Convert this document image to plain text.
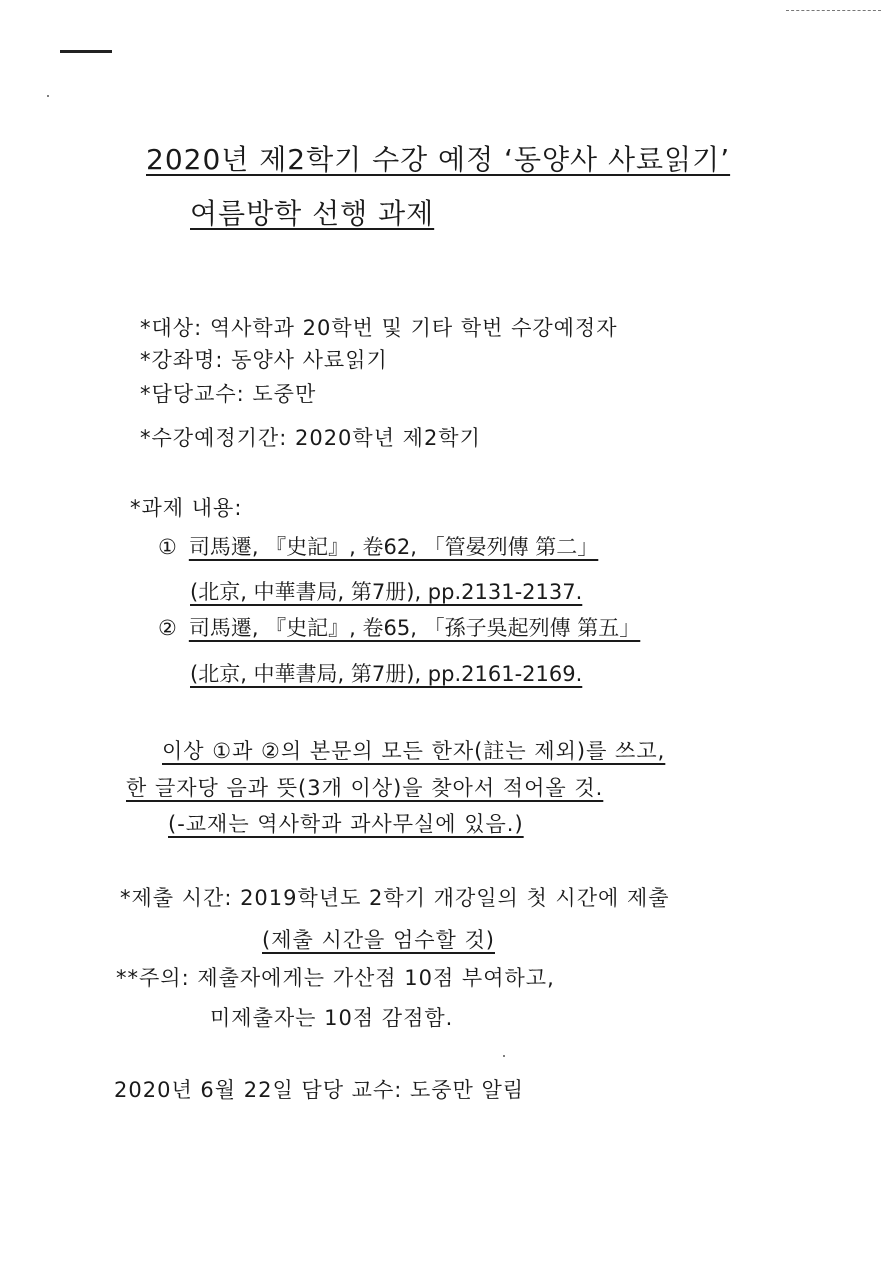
2020년 제2학기 수강 예정 ‘동양사 사료읽기’
여름방학 선행 과제
*대상: 역사학과 20학번 및 기타 학번 수강예정자
*강좌명: 동양사 사료읽기
*담당교수: 도중만
*수강예정기간: 2020학년 제2학기
*과제 내용:
① 司馬遷, 『史記』, 卷62, 「管晏列傳 第二」
(北京, 中華書局, 第7册), pp.2131-2137.
② 司馬遷, 『史記』, 卷65, 「孫子吳起列傳 第五」
(北京, 中華書局, 第7册), pp.2161-2169.
이상 ①과 ②의 본문의 모든 한자(註는 제외)를 쓰고,
한 글자당 음과 뜻(3개 이상)을 찾아서 적어올 것.
(-교재는 역사학과 과사무실에 있음.)
*제출 시간: 2019학년도 2학기 개강일의 첫 시간에 제출
(제출 시간을 엄수할 것)
**주의: 제출자에게는 가산점 10점 부여하고,
미제출자는 10점 감점함.
2020년 6월 22일 담당 교수: 도중만 알림
